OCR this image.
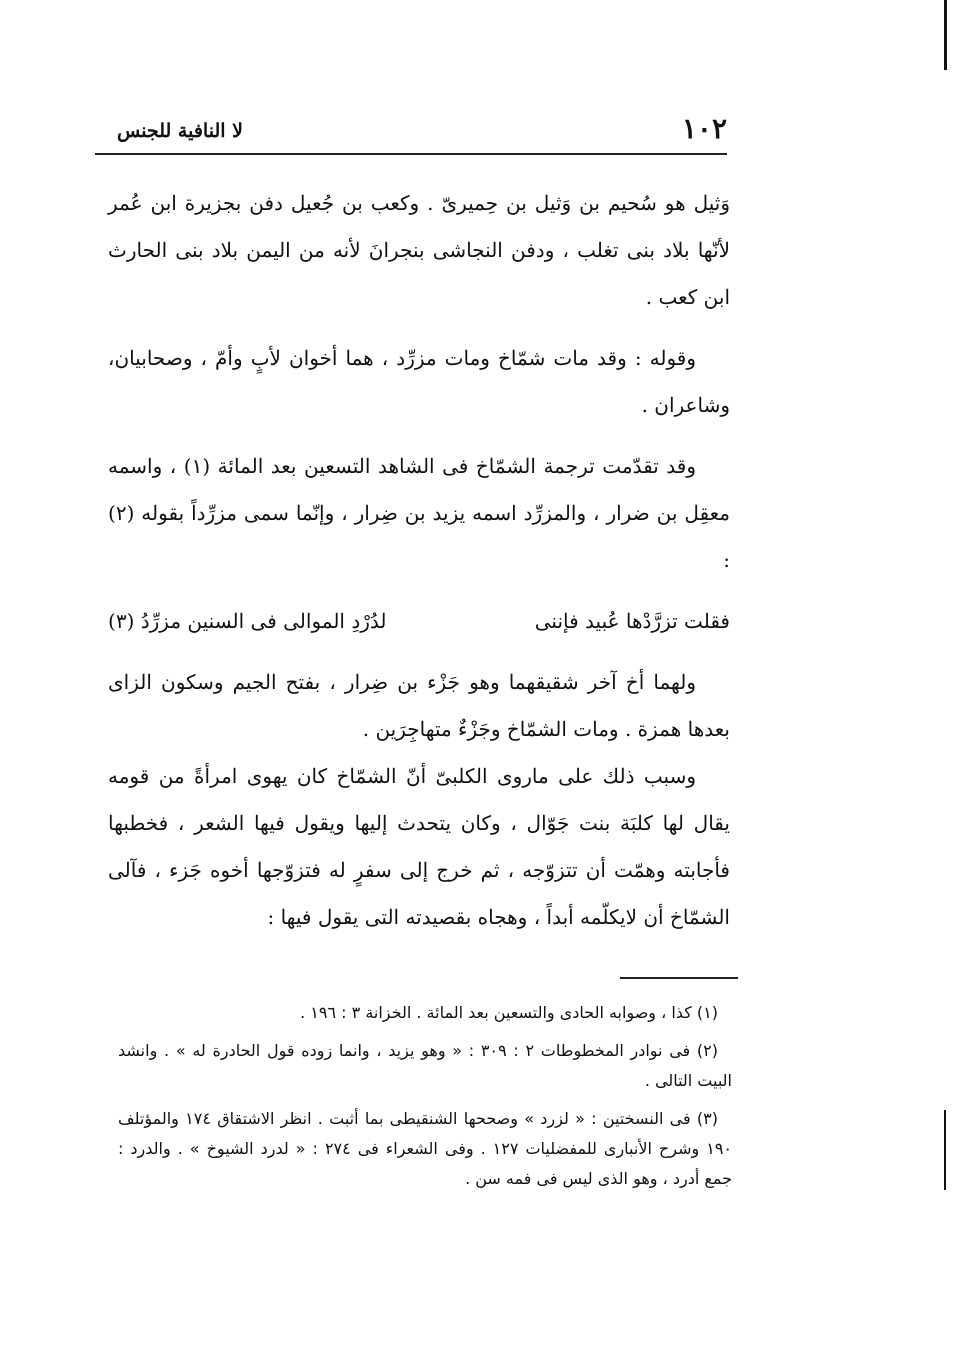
١٠٢
لا النافية للجنس

وَثيل هو سُحيم بن وَثيل بن حِميرىّ . وكعب بن جُعيل دفن بجزيرة ابن عُمر لأنّها بلاد بنى تغلب ، ودفن النجاشى بنجرانَ لأنه من اليمن بلاد بنى الحارث ابن كعب .

وقوله : وقد مات شمّاخ ومات مزرِّد ، هما أخوان لأبٍ وأمّ ، وصحابيان، وشاعران .

وقد تقدّمت ترجمة الشمّاخ فى الشاهد التسعين بعد المائة (١) ، واسمه معقِل بن ضرار ، والمزرِّد اسمه يزيد بن ضِرار ، وإنّما سمى مزرِّداً بقوله (٢) :

فقلت تزرَّدْها عُبيد فإننى
لدُرْدِ الموالى فى السنين مزرِّدُ (٣)

ولهما أخ آخر شقيقهما وهو جَزْء بن ضِرار ، بفتح الجيم وسكون الزاى بعدها همزة . ومات الشمّاخ وجَزْءٌ متهاجِرَين .

وسبب ذلك على ماروى الكلبىّ أنّ الشمّاخ كان يهوى امرأةً من قومه يقال لها كلبَة بنت جَوّال ، وكان يتحدث إليها ويقول فيها الشعر ، فخطبها فأجابته وهمّت أن تتزوّجه ، ثم خرج إلى سفرٍ له فتزوّجها أخوه جَزء ، فآلى الشمّاخ أن لايكلّمه أبداً ، وهجاه بقصيدته التى يقول فيها :

(١) كذا ، وصوابه الحادى والتسعين بعد المائة . الخزانة ٣ : ١٩٦ .

(٢) فى نوادر المخطوطات ٢ : ٣٠٩ : « وهو يزيد ، وانما زوده قول الحادرة له » . وانشد البيت التالى .

(٣) فى النسختين : « لزرد » وصححها الشنقيطى بما أثبت . انظر الاشتقاق ١٧٤ والمؤتلف ١٩٠ وشرح الأنبارى للمفضليات ١٢٧ . وفى الشعراء فى ٢٧٤ : « لدرد الشيوخ » . والدرد : جمع أدرد ، وهو الذى ليس فى فمه سن .
